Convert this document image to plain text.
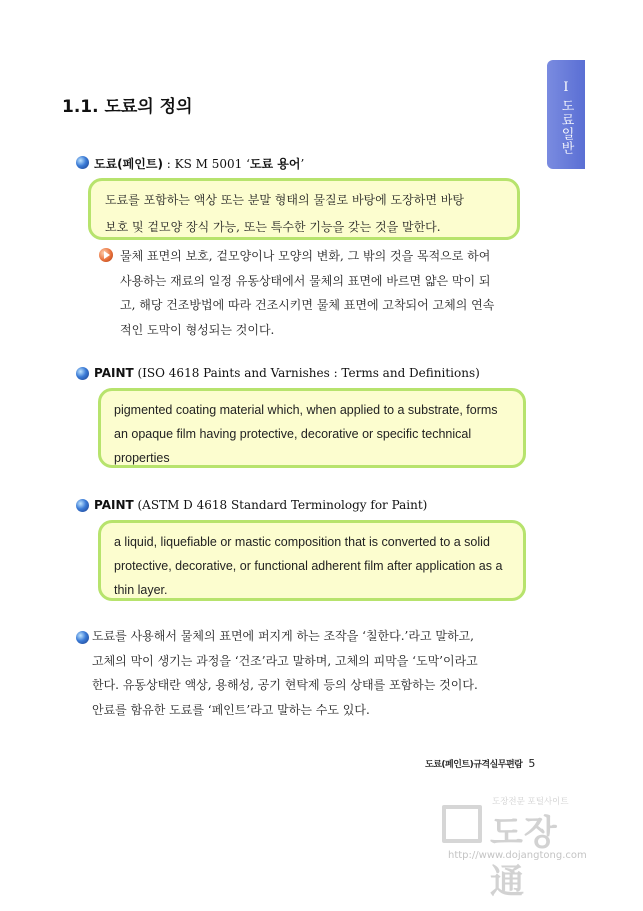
I
도료일반
1.1. 도료의 정의
도료(페인트) : KS M 5001 ‘도료 용어’
도료를 포함하는 액상 또는 분말 형태의 물질로 바탕에 도장하면 바탕
보호 및 겉모양 장식 가능, 또는 특수한 기능을 갖는 것을 말한다.
물체 표면의 보호, 겉모양이나 모양의 변화, 그 밖의 것을 목적으로 하여
사용하는 재료의 일정 유동상태에서 물체의 표면에 바르면 얇은 막이 되
고, 해당 건조방법에 따라 건조시키면 물체 표면에 고착되어 고체의 연속
적인 도막이 형성되는 것이다.
PAINT (ISO 4618 Paints and Varnishes : Terms and Definitions)
pigmented coating material which, when applied to a substrate, forms
an opaque film having protective, decorative or specific technical
properties
PAINT (ASTM D 4618 Standard Terminology for Paint)
a liquid, liquefiable or mastic composition that is converted to a solid
protective, decorative, or functional adherent film after application as a
thin layer.
도료를 사용해서 물체의 표면에 퍼지게 하는 조작을 ‘칠한다.’라고 말하고,
고체의 막이 생기는 과정을 ‘건조’라고 말하며, 고체의 피막을 ‘도막’이라고
한다. 유동상태란 액상, 용해성, 공기 현탁제 등의 상태를 포함하는 것이다.
안료를 함유한 도료를 ‘페인트’라고 말하는 수도 있다.
도료(페인트)규격실무편람 5
도장전문 포털사이트
도장通
http://www.dojangtong.com
